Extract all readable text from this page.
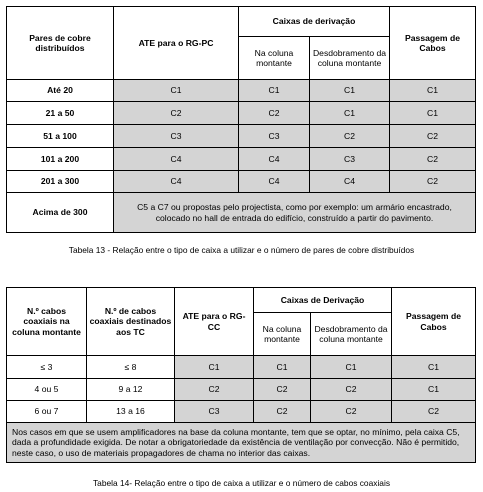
Pares de cobre distribuídos	ATE para o RG-PC	Caixas de derivação		Passagem de Cabos
		Na coluna montante	Desdobramento da coluna montante	
Até 20	C1	C1	C1	C1
21 a 50	C2	C2	C1	C1
51 a 100	C3	C3	C2	C2
101 a 200	C4	C4	C3	C2
201 a 300	C4	C4	C4	C2
Acima de 300	C5 a C7 ou propostas pelo projectista, como por exemplo: um armário encastrado, colocado no hall de entrada do edifício, construído a partir do pavimento.			
Tabela 13 - Relação entre o tipo de caixa a utilizar e o número de pares de cobre distribuídos
N.º cabos coaxiais na coluna montante	N.º de cabos coaxiais destinados aos TC	ATE para o RG-CC	Caixas de Derivação		Passagem de Cabos
			Na coluna montante	Desdobramento da coluna montante	
≤ 3	≤ 8	C1	C1	C1	C1
4 ou 5	9 a 12	C2	C2	C2	C1
6 ou 7	13 a 16	C3	C2	C2	C2
Nos casos em que se usem amplificadores na base da coluna montante, tem que se optar, no mínimo, pela caixa C5, dada a profundidade exigida. De notar a obrigatoriedade da existência de ventilação por convecção. Não é permitido, neste caso, o uso de materiais propagadores de chama no interior das caixas.					
Tabela 14- Relação entre o tipo de caixa a utilizar e o número de cabos coaxiais
